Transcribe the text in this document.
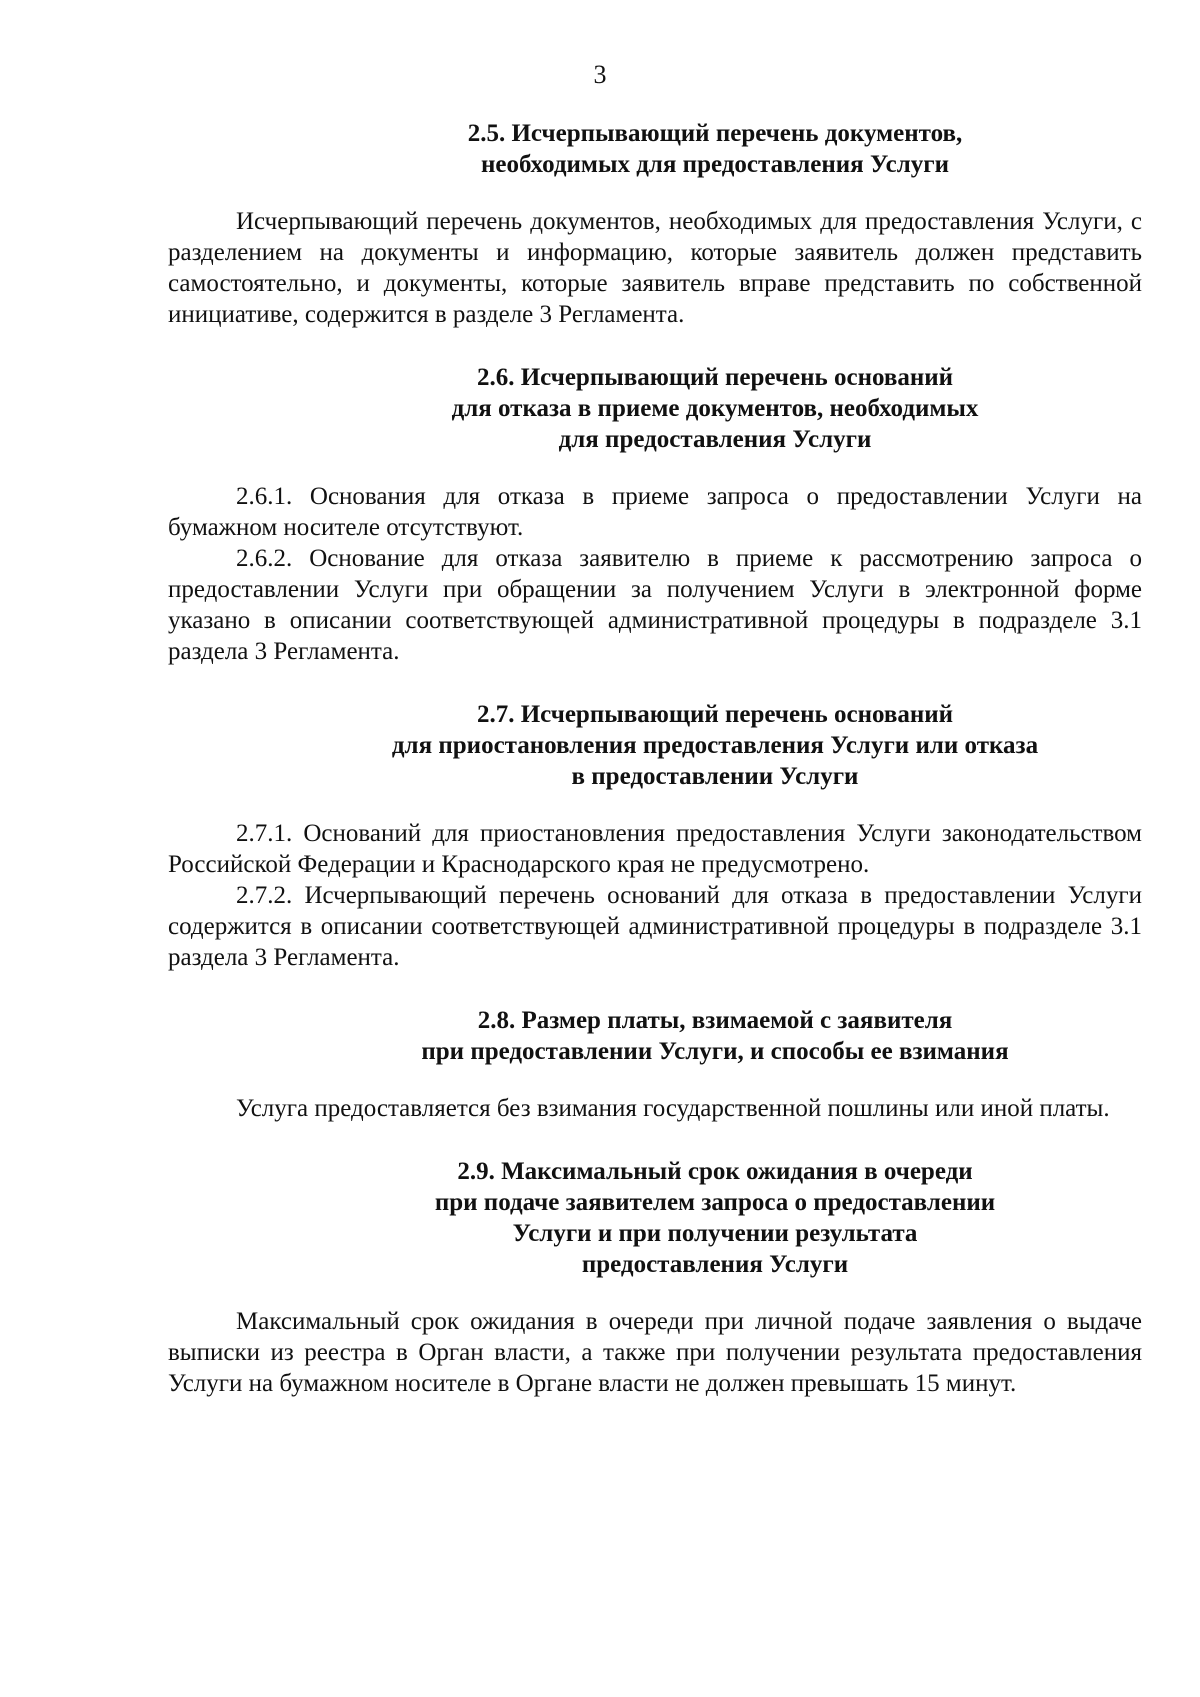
3
2.5. Исчерпывающий перечень документов,
необходимых для предоставления Услуги

Исчерпывающий перечень документов, необходимых для предоставления Услуги, с разделением на документы и информацию, которые заявитель должен представить самостоятельно, и документы, которые заявитель вправе представить по собственной инициативе, содержится в разделе 3 Регламента.

2.6. Исчерпывающий перечень оснований
для отказа в приеме документов, необходимых
для предоставления Услуги

2.6.1. Основания для отказа в приеме запроса о предоставлении Услуги на бумажном носителе отсутствуют.

2.6.2. Основание для отказа заявителю в приеме к рассмотрению запроса о предоставлении Услуги при обращении за получением Услуги в электронной форме указано в описании соответствующей административной процедуры в подразделе 3.1 раздела 3 Регламента.

2.7. Исчерпывающий перечень оснований
для приостановления предоставления Услуги или отказа
в предоставлении Услуги

2.7.1. Оснований для приостановления предоставления Услуги законодательством Российской Федерации и Краснодарского края не предусмотрено.

2.7.2. Исчерпывающий перечень оснований для отказа в предоставлении Услуги содержится в описании соответствующей административной процедуры в подразделе 3.1 раздела 3 Регламента.

2.8. Размер платы, взимаемой с заявителя
при предоставлении Услуги, и способы ее взимания

Услуга предоставляется без взимания государственной пошлины или иной платы.

2.9. Максимальный срок ожидания в очереди
при подаче заявителем запроса о предоставлении
Услуги и при получении результата
предоставления Услуги

Максимальный срок ожидания в очереди при личной подаче заявления о выдаче выписки из реестра в Орган власти, а также при получении результата предоставления Услуги на бумажном носителе в Органе власти не должен превышать 15 минут.
